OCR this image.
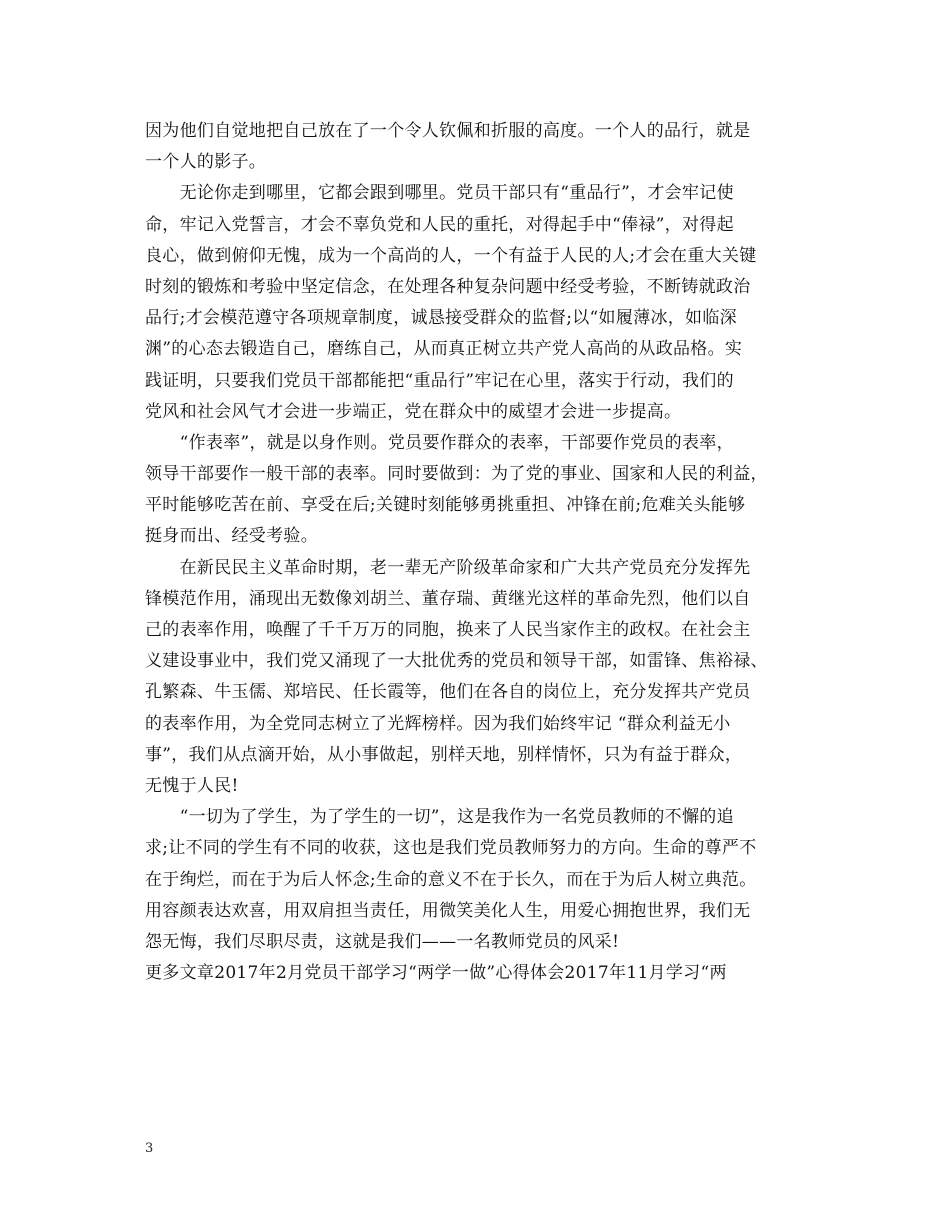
因为他们自觉地把自己放在了一个令人钦佩和折服的高度。一个人的品行，就是
一个人的影子。
　　无论你走到哪里，它都会跟到哪里。党员干部只有“重品行”，才会牢记使
命，牢记入党誓言，才会不辜负党和人民的重托，对得起手中“俸禄”，对得起
良心，做到俯仰无愧，成为一个高尚的人，一个有益于人民的人;才会在重大关键
时刻的锻炼和考验中坚定信念，在处理各种复杂问题中经受考验，不断铸就政治
品行;才会模范遵守各项规章制度，诚恳接受群众的监督;以“如履薄冰，如临深
渊”的心态去锻造自己，磨练自己，从而真正树立共产党人高尚的从政品格。实
践证明，只要我们党员干部都能把“重品行”牢记在心里，落实于行动，我们的
党风和社会风气才会进一步端正，党在群众中的威望才会进一步提高。
　　“作表率”，就是以身作则。党员要作群众的表率，干部要作党员的表率，
领导干部要作一般干部的表率。同时要做到：为了党的事业、国家和人民的利益，
平时能够吃苦在前、享受在后;关键时刻能够勇挑重担、冲锋在前;危难关头能够
挺身而出、经受考验。
　　在新民民主义革命时期，老一辈无产阶级革命家和广大共产党员充分发挥先
锋模范作用，涌现出无数像刘胡兰、董存瑞、黄继光这样的革命先烈，他们以自
己的表率作用，唤醒了千千万万的同胞，换来了人民当家作主的政权。在社会主
义建设事业中，我们党又涌现了一大批优秀的党员和领导干部，如雷锋、焦裕禄、
孔繁森、牛玉儒、郑培民、任长霞等，他们在各自的岗位上，充分发挥共产党员
的表率作用，为全党同志树立了光辉榜样。因为我们始终牢记 “群众利益无小
事”，我们从点滴开始，从小事做起，别样天地，别样情怀，只为有益于群众，
无愧于人民!
　　“一切为了学生，为了学生的一切”，这是我作为一名党员教师的不懈的追
求;让不同的学生有不同的收获，这也是我们党员教师努力的方向。生命的尊严不
在于绚烂，而在于为后人怀念;生命的意义不在于长久，而在于为后人树立典范。
用容颜表达欢喜，用双肩担当责任，用微笑美化人生，用爱心拥抱世界，我们无
怨无悔，我们尽职尽责，这就是我们——一名教师党员的风采!
更多文章2017年2月党员干部学习“两学一做”心得体会2017年11月学习“两
3
